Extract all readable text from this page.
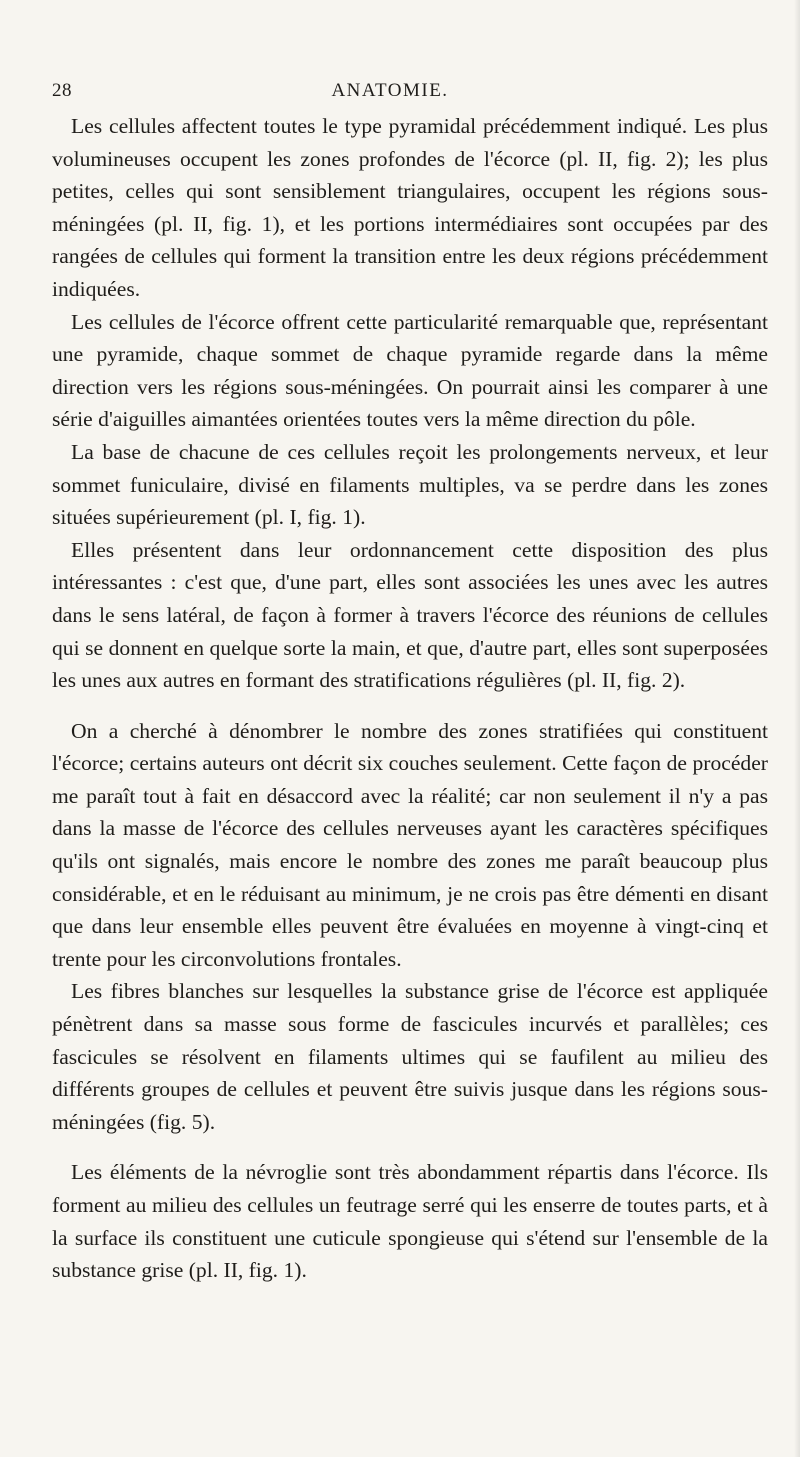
28	ANATOMIE.

Les cellules affectent toutes le type pyramidal précédemment indiqué. Les plus volumineuses occupent les zones profondes de l'écorce (pl. II, fig. 2); les plus petites, celles qui sont sensiblement triangulaires, occupent les régions sous-méningées (pl. II, fig. 1), et les portions intermédiaires sont occupées par des rangées de cellules qui forment la transition entre les deux régions précédemment indiquées.

Les cellules de l'écorce offrent cette particularité remarquable que, représentant une pyramide, chaque sommet de chaque pyramide regarde dans la même direction vers les régions sous-méningées. On pourrait ainsi les comparer à une série d'aiguilles aimantées orientées toutes vers la même direction du pôle.

La base de chacune de ces cellules reçoit les prolongements nerveux, et leur sommet funiculaire, divisé en filaments multiples, va se perdre dans les zones situées supérieurement (pl. I, fig. 1).

Elles présentent dans leur ordonnancement cette disposition des plus intéressantes : c'est que, d'une part, elles sont associées les unes avec les autres dans le sens latéral, de façon à former à travers l'écorce des réunions de cellules qui se donnent en quelque sorte la main, et que, d'autre part, elles sont superposées les unes aux autres en formant des stratifications régulières (pl. II, fig. 2).

On a cherché à dénombrer le nombre des zones stratifiées qui constituent l'écorce; certains auteurs ont décrit six couches seulement. Cette façon de procéder me paraît tout à fait en désaccord avec la réalité; car non seulement il n'y a pas dans la masse de l'écorce des cellules nerveuses ayant les caractères spécifiques qu'ils ont signalés, mais encore le nombre des zones me paraît beaucoup plus considérable, et en le réduisant au minimum, je ne crois pas être démenti en disant que dans leur ensemble elles peuvent être évaluées en moyenne à vingt-cinq et trente pour les circonvolutions frontales.

Les fibres blanches sur lesquelles la substance grise de l'écorce est appliquée pénètrent dans sa masse sous forme de fascicules incurvés et parallèles; ces fascicules se résolvent en filaments ultimes qui se faufilent au milieu des différents groupes de cellules et peuvent être suivis jusque dans les régions sous-méningées (fig. 5).

Les éléments de la névroglie sont très abondamment répartis dans l'écorce. Ils forment au milieu des cellules un feutrage serré qui les enserre de toutes parts, et à la surface ils constituent une cuticule spongieuse qui s'étend sur l'ensemble de la substance grise (pl. II, fig. 1).
